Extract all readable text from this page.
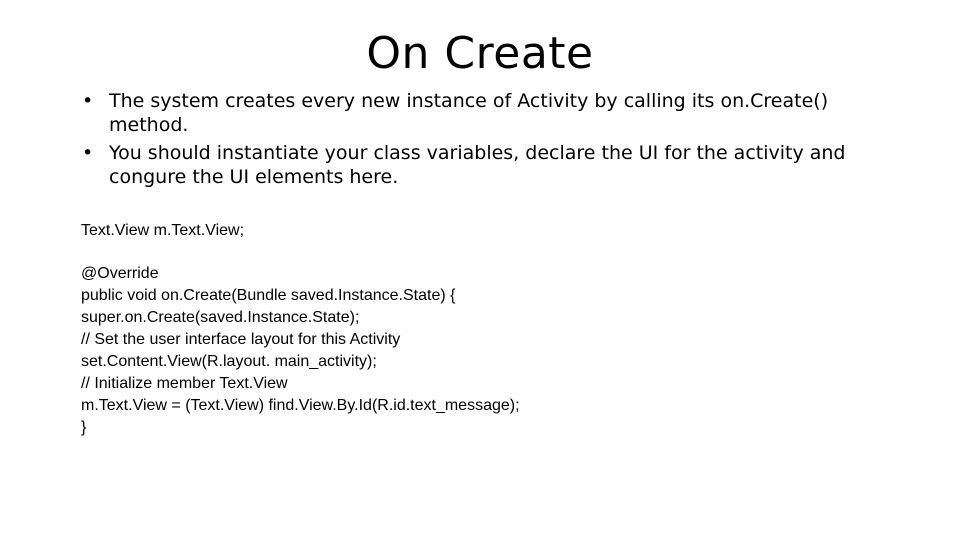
On Create
• The system creates every new instance of Activity by calling its on.Create() method.
• You should instantiate your class variables, declare the UI for the activity and congure the UI elements here.
Text.View m.Text.View;
@Override
public void on.Create(Bundle saved.Instance.State) {
super.on.Create(saved.Instance.State);
// Set the user interface layout for this Activity
set.Content.View(R.layout. main_activity);
// Initialize member Text.View
m.Text.View = (Text.View) find.View.By.Id(R.id.text_message);
}
